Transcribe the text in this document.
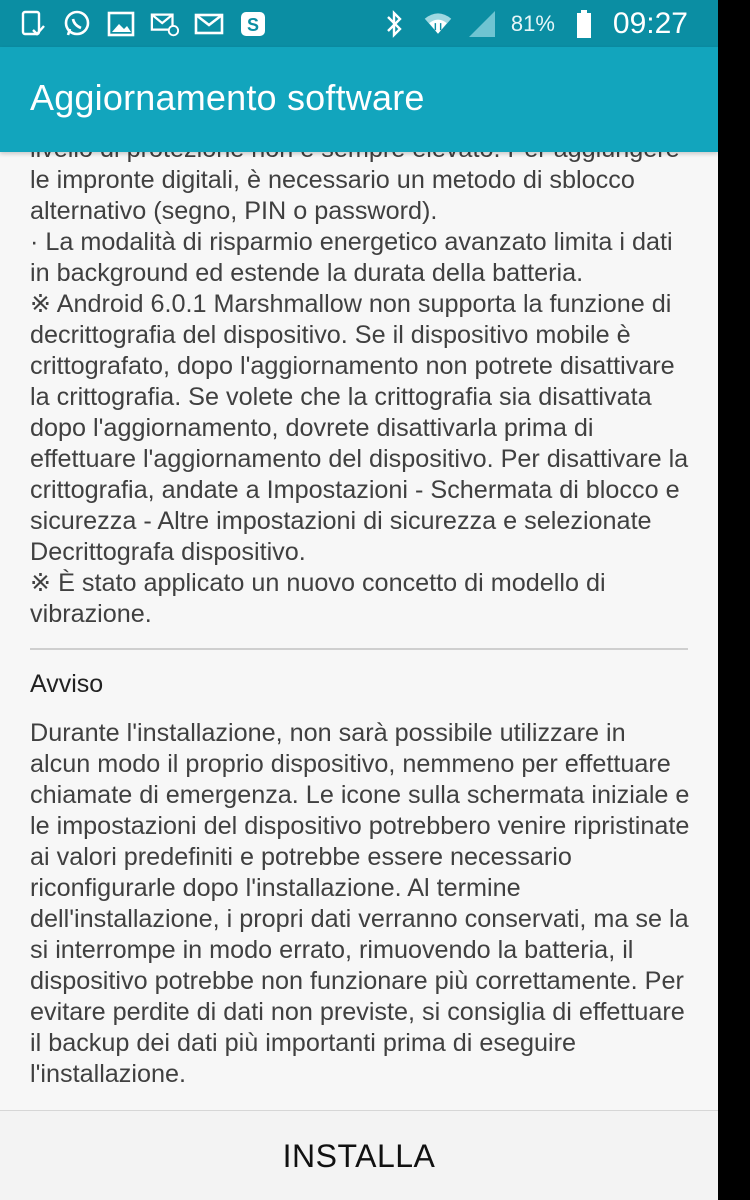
S	81% 09:27
Aggiornamento software

le impronte digitali, è necessario un metodo di sblocco alternativo (segno, PIN o password).
· La modalità di risparmio energetico avanzato limita i dati in background ed estende la durata della batteria.
※ Android 6.0.1 Marshmallow non supporta la funzione di decrittografia del dispositivo. Se il dispositivo mobile è crittografato, dopo l'aggiornamento non potrete disattivare la crittografia. Se volete che la crittografia sia disattivata dopo l'aggiornamento, dovrete disattivarla prima di effettuare l'aggiornamento del dispositivo. Per disattivare la crittografia, andate a Impostazioni - Schermata di blocco e sicurezza - Altre impostazioni di sicurezza e selezionate Decrittografa dispositivo.
※ È stato applicato un nuovo concetto di modello di vibrazione.

Avviso

Durante l'installazione, non sarà possibile utilizzare in alcun modo il proprio dispositivo, nemmeno per effettuare chiamate di emergenza. Le icone sulla schermata iniziale e le impostazioni del dispositivo potrebbero venire ripristinate ai valori predefiniti e potrebbe essere necessario riconfigurarle dopo l'installazione. Al termine dell'installazione, i propri dati verranno conservati, ma se la si interrompe in modo errato, rimuovendo la batteria, il dispositivo potrebbe non funzionare più correttamente. Per evitare perdite di dati non previste, si consiglia di effettuare il backup dei dati più importanti prima di eseguire l'installazione.

INSTALLA
